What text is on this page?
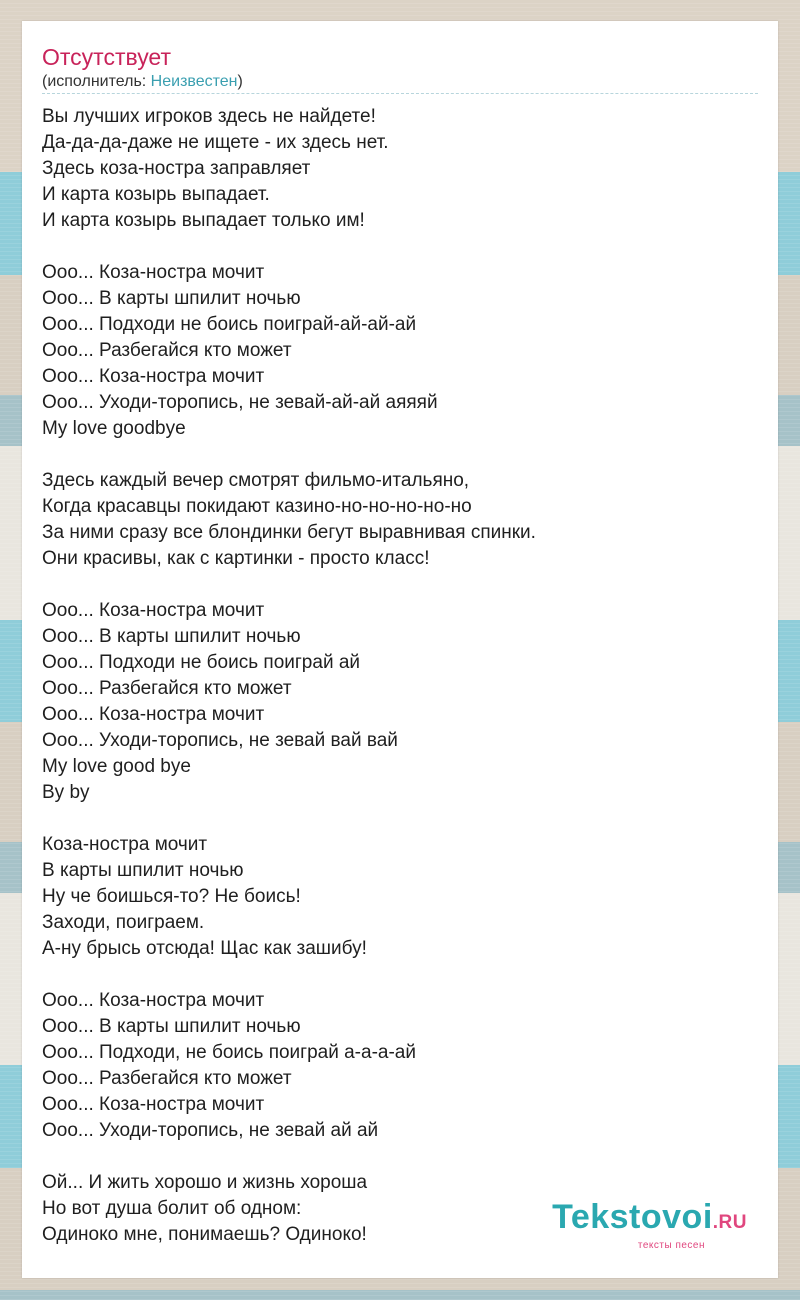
Отсутствует
(исполнитель: Неизвестен)
Вы лучших игроков здесь не найдете!
Да-да-да-даже не ищете - их здесь нет.
Здесь коза-ностра заправляет
И карта козырь выпадает.
И карта козырь выпадает только им!
Ооо... Коза-ностра мочит
Ооо... В карты шпилит ночью
Ооо... Подходи не боись поиграй-ай-ай-ай
Ооо... Разбегайся кто может
Ооо... Коза-ностра мочит
Ооо... Уходи-торопись, не зевай-ай-ай аяяяй
My love goodbye
Здесь каждый вечер смотрят фильмо-итальяно,
Когда красавцы покидают казино-но-но-но-но-но
За ними сразу все блондинки бегут выравнивая спинки.
Они красивы, как с картинки - просто класс!
Ооо... Коза-ностра мочит
Ооо... В карты шпилит ночью
Ооо... Подходи не боись поиграй ай
Ооо... Разбегайся кто может
Ооо... Коза-ностра мочит
Ооо... Уходи-торопись, не зевай вай вай
My love good bye
By by
Коза-ностра мочит
В карты шпилит ночью
Ну че боишься-то? Не боись!
Заходи, поиграем.
А-ну брысь отсюда! Щас как зашибу!
Ооо... Коза-ностра мочит
Ооо... В карты шпилит ночью
Ооо... Подходи, не боись поиграй а-а-а-ай
Ооо... Разбегайся кто может
Ооо... Коза-ностра мочит
Ооо... Уходи-торопись, не зевай ай ай
Ой... И жить хорошо и жизнь хороша
Но вот душа болит об одном:
Одиноко мне, понимаешь? Одиноко!	Tekstovoi.RU
тексты песен
